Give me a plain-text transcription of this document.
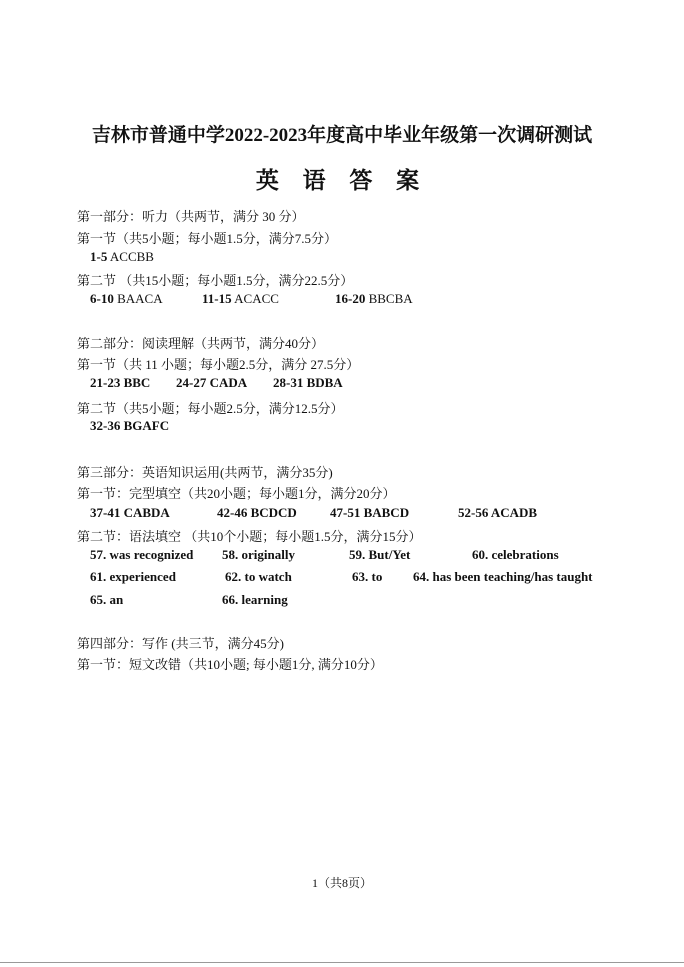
吉林市普通中学2022-2023年度高中毕业年级第一次调研测试
英 语 答 案
第一部分：听力（共两节，满分 30 分）
第一节（共5小题；每小题1.5分，满分7.5分）
1-5 ACCBB
第二节 （共15小题；每小题1.5分，满分22.5分）
6-10 BAACA	11-15 ACACC	16-20 BBCBA
第二部分：阅读理解（共两节，满分40分）
第一节（共 11 小题；每小题2.5分，满分 27.5分）
21-23 BBC 24-27 CADA 28-31 BDBA
第二节（共5小题；每小题2.5分，满分12.5分）
32-36 BGAFC
第三部分：英语知识运用(共两节，满分35分)
第一节：完型填空（共20小题；每小题1分，满分20分）
37-41 CABDA	42-46 BCDCD	47-51 BABCD	52-56 ACADB
第二节：语法填空 （共10个小题；每小题1.5分，满分15分）
57. was recognized 58. originally	59. But/Yet	60. celebrations
61. experienced	62. to watch	63. to 64. has been teaching/has taught
65. an	66. learning
第四部分：写作 (共三节，满分45分)
第一节：短文改错（共10小题; 每小题1分, 满分10分）
1（共8页）
